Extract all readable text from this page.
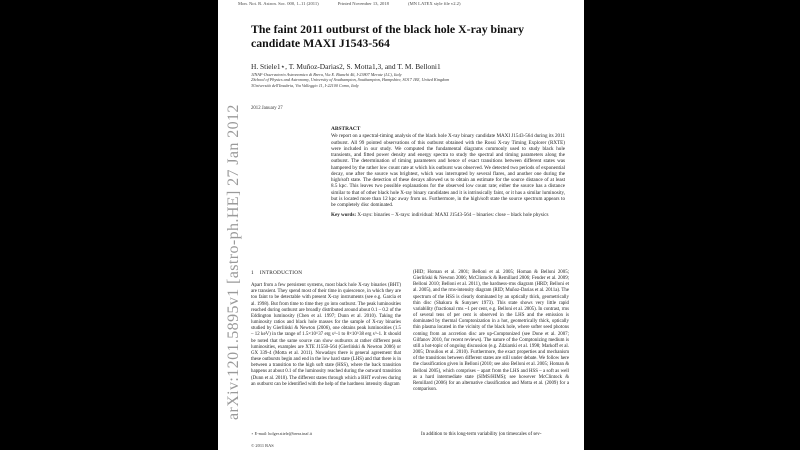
Mon. Not. R. Astron. Soc. 000, 1–11 (2011)	Printed November 13, 2018	(MN LATEX style file v2.2)
arXiv:1201.5895v1 [astro-ph.HE] 27 Jan 2012
The faint 2011 outburst of the black hole X-ray binary candidate MAXI J1543-564
H. Stiele1⋆, T. Muñoz-Darias2, S. Motta1,3, and T. M. Belloni1
1INAF-Osservatorio Astronomico di Brera, Via E. Bianchi 46, I-23807 Merate (LC), Italy
2School of Physics and Astronomy, University of Southampton, Southampton, Hampshire, SO17 1BJ, United Kingdom
3Università dell'Insubria, Via Valleggio 11, I-22100 Como, Italy
2012 January 27
ABSTRACT
We report on a spectral-timing analysis of the black hole X-ray binary candidate MAXI J1543-564 during its 2011 outburst. All 99 pointed observations of this outburst obtained with the Rossi X-ray Timing Explorer (RXTE) were included in our study. We computed the fundamental diagrams commonly used to study black hole transients, and fitted power density and energy spectra to study the spectral and timing parameters along the outburst. The determination of timing parameters and hence of exact transitions between different states was hampered by the rather low count rate at which his outburst was observed. We detected two periods of exponential decay, one after the source was brightest, which was interrupted by several flares, and another one during the high/soft state. The detection of these decays allowed us to obtain an estimate for the source distance of at least 8.5 kpc. This leaves two possible explanations for the observed low count rate; either the source has a distance similar to that of other black hole X-ray binary candidates and it is intrinsically faint, or it has a similar luminosity, but is located more than 12 kpc away from us. Furthermore, in the high/soft state the source spectrum appears to be completely disc dominated.
Key words: X-rays: binaries – X-rays: individual: MAXI J1543-564 – binaries: close – black hole physics
1 INTRODUCTION

Apart from a few persistent systems, most black hole X-ray binaries (BHT) are transient. They spend most of their time in quiescence, in which they are too faint to be detectable with present X-ray instruments (see e.g. Garcia et al. 1998). But from time to time they go into outburst. The peak luminosities reached during outburst are broadly distributed around about 0.1 – 0.2 of the Eddington luminosity (Chen et al. 1997; Dunn et al. 2010). Taking the luminosity ratios and black hole masses for the sample of X-ray binaries studied by Gierliński & Newton (2006), one obtains peak luminosities (1.5 – 12 keV) in the range of 1.5×10^37 erg s^-1 to 8×10^38 erg s^-1. It should be noted that the same source can show outbursts at rather different peak luminosities, examples are XTE J1550-564 (Gierliński & Newton 2006) or GX 339-4 (Motta et al. 2011). Nowadays there is general agreement that these outbursts begin and end in the low hard state (LHS) and that there is in between a transition to the high soft state (HSS), where the back transition happens at about 0.1 of the luminosity reached during the outward transition (Dunn et al. 2010). The different states through which a BHT evolves during an outburst can be identified with the help of the hardness intensity diagram

(HID; Homan et al. 2001; Belloni et al. 2005; Homan & Belloni 2005; Gierliński & Newton 2006; McClintock & Remillard 2006; Fender et al. 2009; Belloni 2010; Belloni et al. 2011), the hardness-rms diagram (HRD; Belloni et al. 2005), and the rms-intensity diagram (RID; Muñoz-Darias et al. 2011a). The spectrum of the HSS is clearly dominated by an optically thick, geometrically thin disc (Shakura & Sunyaev 1973). This state shows very little rapid variability (fractional rms ~1 per cent, e.g. Belloni et al. 2005). In contrast, rms of several tens of per cent is observed in the LHS and the emission is dominated by thermal Comptonization in a hot, geometrically thick, optically thin plasma located in the vicinity of the black hole, where softer seed photons coming from an accretion disc are up-Comptonized (see Done et al. 2007; Gilfanov 2010, for recent reviews). The nature of the Comptonizing medium is still a hot-topic of ongoing discussion (e.g. Zdziarski et al. 1998; Markoff et al. 2005; Drouliou et al. 2010). Furthermore, the exact properties and mechanism of the transitions between different states are still under debate. We follow here the classification given in Belloni (2010; see also Belloni et al. 2005; Homan & Belloni 2005), which comprises – apart from the LHS and HSS – a soft as well as a hard intermediate state (SIMS/HIMS); see however McClintock & Remillard (2006) for an alternative classification and Motta et al. (2009) for a comparison.

⋆ E-mail: holger.stiele@brera.inaf.it
© 2011 RAS
In addition to this long-term variability (on timescales of sev-
